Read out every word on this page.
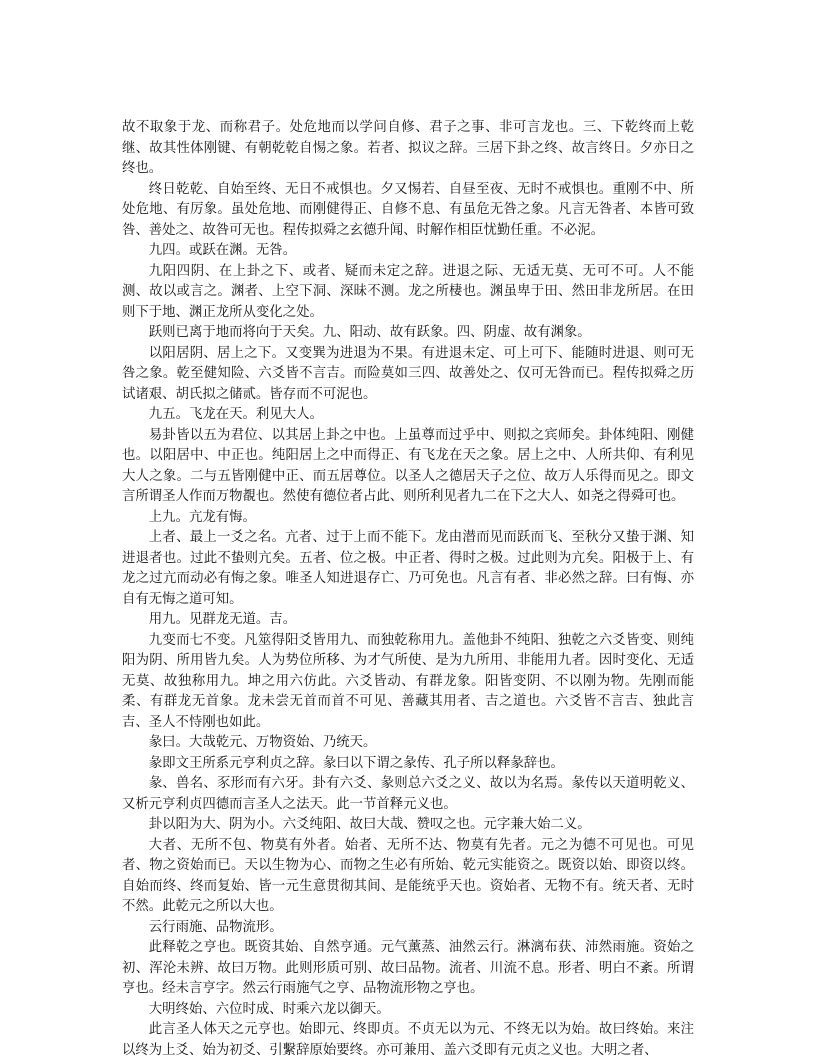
故不取象于龙、而称君子。处危地而以学问自修、君子之事、非可言龙也。三、下乾终而上乾继、故其性体刚键、有朝乾乾自惕之象。若者、拟议之辞。三居下卦之终、故言终日。夕亦日之终也。

终日乾乾、自始至终、无日不戒惧也。夕又惕若、自昼至夜、无时不戒惧也。重刚不中、所处危地、有厉象。虽处危地、而刚健得正、自修不息、有虽危无咎之象。凡言无咎者、本皆可致咎、善处之、故咎可无也。程传拟舜之玄德升闻、时解作相臣忧勤任重。不必泥。

九四。或跃在渊。无咎。

九阳四阴、在上卦之下、或者、疑而未定之辞。进退之际、无适无莫、无可不可。人不能测、故以或言之。渊者、上空下洞、深昧不测。龙之所棲也。渊虽卑于田、然田非龙所居。在田则下于地、渊正龙所从变化之处。

跃则已离于地而将向于天矣。九、阳动、故有跃象。四、阴虚、故有渊象。

以阳居阴、居上之下。又变巽为进退为不果。有进退未定、可上可下、能随时进退、则可无咎之象。乾至健知险、六爻皆不言吉。而险莫如三四、故善处之、仅可无咎而已。程传拟舜之历试诸艰、胡氏拟之储贰。皆存而不可泥也。

九五。飞龙在天。利见大人。

易卦皆以五为君位、以其居上卦之中也。上虽尊而过乎中、则拟之宾师矣。卦体纯阳、刚健也。以阳居中、中正也。纯阳居上之中而得正、有飞龙在天之象。居上之中、人所共仰、有利见大人之象。二与五皆刚健中正、而五居尊位。以圣人之德居天子之位、故万人乐得而见之。即文言所谓圣人作而万物覩也。然使有德位者占此、则所利见者九二在下之大人、如尧之得舜可也。

上九。亢龙有悔。

上者、最上一爻之名。亢者、过于上而不能下。龙由潜而见而跃而飞、至秋分又蛰于渊、知进退者也。过此不蛰则亢矣。五者、位之极。中正者、得时之极。过此则为亢矣。阳极于上、有龙之过亢而动必有悔之象。唯圣人知进退存亡、乃可免也。凡言有者、非必然之辞。曰有悔、亦自有无悔之道可知。

用九。见群龙无道。吉。

九变而七不变。凡筮得阳爻皆用九、而独乾称用九。盖他卦不纯阳、独乾之六爻皆变、则纯阳为阴、所用皆九矣。人为势位所移、为才气所使、是为九所用、非能用九者。因时变化、无适无莫、故独称用九。坤之用六仿此。六爻皆动、有群龙象。阳皆变阴、不以刚为物。先刚而能柔、有群龙无首象。龙未尝无首而首不可见、善藏其用者、吉之道也。六爻皆不言吉、独此言吉、圣人不恃刚也如此。

彖曰。大哉乾元、万物资始、乃统天。

彖即文王所系元亨利贞之辞。彖曰以下谓之彖传、孔子所以释彖辞也。

彖、兽名、豕形而有六牙。卦有六爻、彖则总六爻之义、故以为名焉。彖传以天道明乾义、又析元亨利贞四德而言圣人之法天。此一节首释元义也。

卦以阳为大、阴为小。六爻纯阳、故曰大哉、赞叹之也。元字兼大始二义。

大者、无所不包、物莫有外者。始者、无所不达、物莫有先者。元之为德不可见也。可见者、物之资始而已。天以生物为心、而物之生必有所始、乾元实能资之。既资以始、即资以终。自始而终、终而复始、皆一元生意贯彻其间、是能统乎天也。资始者、无物不有。统天者、无时不然。此乾元之所以大也。

云行雨施、品物流形。

此释乾之亨也。既资其始、自然亨通。元气薰蒸、油然云行。淋漓布获、沛然雨施。资始之初、浑沦未辨、故曰万物。此则形质可别、故曰品物。流者、川流不息。形者、明白不紊。所谓亨也。经未言亨字。然云行雨施气之亨、品物流形物之亨也。

大明终始、六位时成、时乘六龙以御天。

此言圣人体天之元亨也。始即元、终即贞。不贞无以为元、不终无以为始。故曰终始。来注以终为上爻、始为初爻、引繫辞原始要终。亦可兼用、盖六爻即有元贞之义也。大明之者、
